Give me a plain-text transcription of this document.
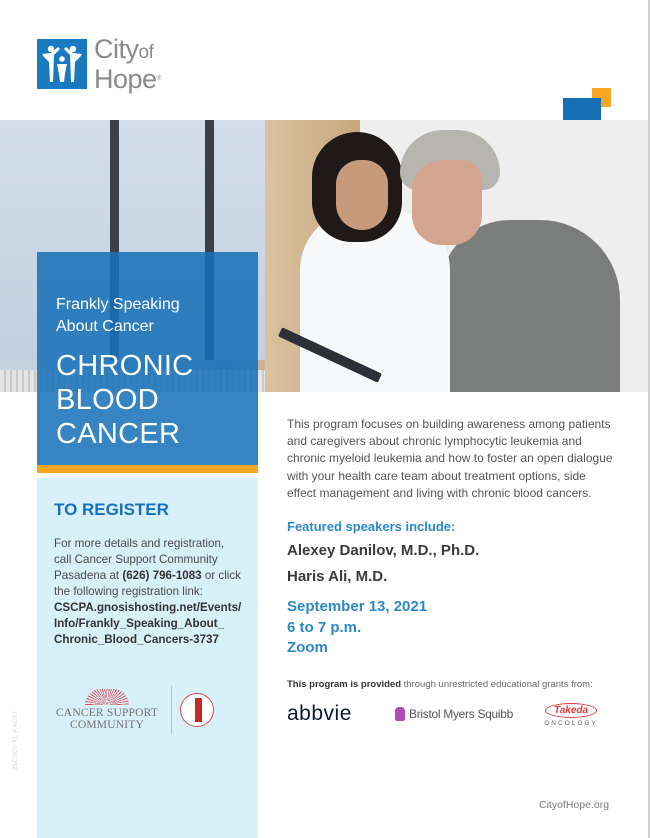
Cityof
Hope®
Frankly Speaking
About Cancer
CHRONIC
BLOOD
CANCER
TO REGISTER
For more details and registration, call Cancer Support Community Pasadena at (626) 796-1083 or click the following registration link: CSCPA.gnosishosting.net/Events/ Info/Frankly_Speaking_About_ Chronic_Blood_Cancers-3737
CANCER SUPPORT
COMMUNITY
25C0C0-FL-KAC07

This program focuses on building awareness among patients and caregivers about chronic lymphocytic leukemia and chronic myeloid leukemia and how to foster an open dialogue with your health care team about treatment options, side effect management and living with chronic blood cancers.

Featured speakers include:
Alexey Danilov, M.D., Ph.D.
Haris Ali, M.D.
September 13, 2021
6 to 7 p.m.
Zoom
This program is provided through unrestricted educational grants from:
abbvie	Bristol Myers Squibb	Takeda
ONCOLOGY
CityofHope.org
